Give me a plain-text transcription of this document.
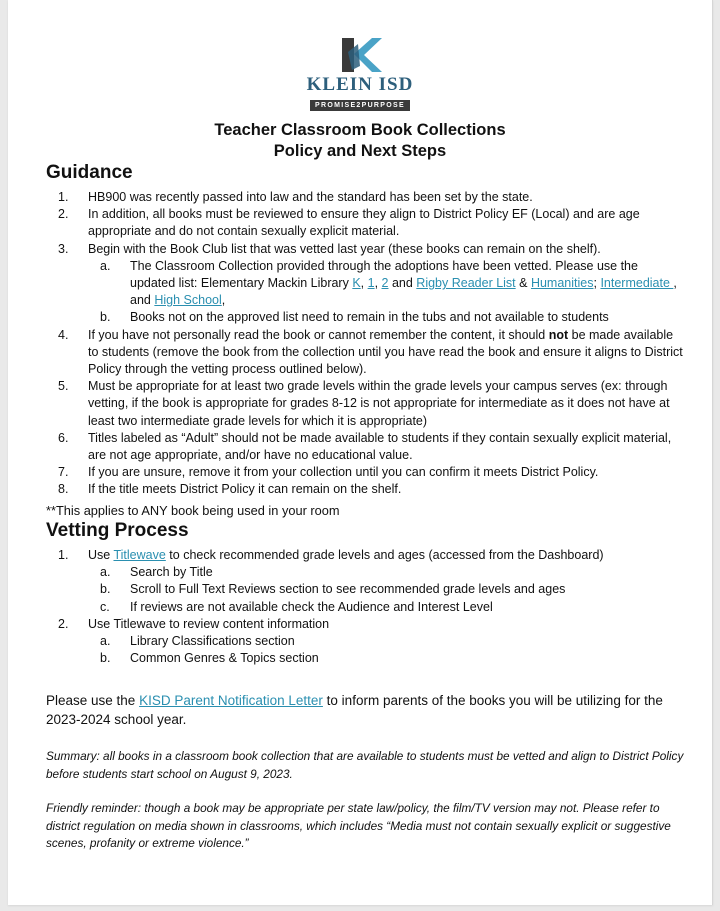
KLEIN ISD
PROMISE2PURPOSE
Teacher Classroom Book Collections
Policy and Next Steps
Guidance
1. HB900 was recently passed into law and the standard has been set by the state.
2. In addition, all books must be reviewed to ensure they align to District Policy EF (Local) and are age appropriate and do not contain sexually explicit material.
3. Begin with the Book Club list that was vetted last year (these books can remain on the shelf).
a. The Classroom Collection provided through the adoptions have been vetted. Please use the updated list: Elementary Mackin Library K, 1, 2 and Rigby Reader List & Humanities; Intermediate , and High School,
b. Books not on the approved list need to remain in the tubs and not available to students
4. If you have not personally read the book or cannot remember the content, it should not be made available to students (remove the book from the collection until you have read the book and ensure it aligns to District Policy through the vetting process outlined below).
5. Must be appropriate for at least two grade levels within the grade levels your campus serves (ex: through vetting, if the book is appropriate for grades 8-12 is not appropriate for intermediate as it does not have at least two intermediate grade levels for which it is appropriate)
6. Titles labeled as “Adult” should not be made available to students if they contain sexually explicit material, are not age appropriate, and/or have no educational value.
7. If you are unsure, remove it from your collection until you can confirm it meets District Policy.
8. If the title meets District Policy it can remain on the shelf.
**This applies to ANY book being used in your room
Vetting Process
1. Use Titlewave to check recommended grade levels and ages (accessed from the Dashboard)
a. Search by Title
b. Scroll to Full Text Reviews section to see recommended grade levels and ages
c. If reviews are not available check the Audience and Interest Level
2. Use Titlewave to review content information
a. Library Classifications section
b. Common Genres & Topics section
Please use the KISD Parent Notification Letter to inform parents of the books you will be utilizing for the 2023-2024 school year.
Summary: all books in a classroom book collection that are available to students must be vetted and align to District Policy before students start school on August 9, 2023.
Friendly reminder: though a book may be appropriate per state law/policy, the film/TV version may not. Please refer to district regulation on media shown in classrooms, which includes “Media must not contain sexually explicit or suggestive scenes, profanity or extreme violence.”
